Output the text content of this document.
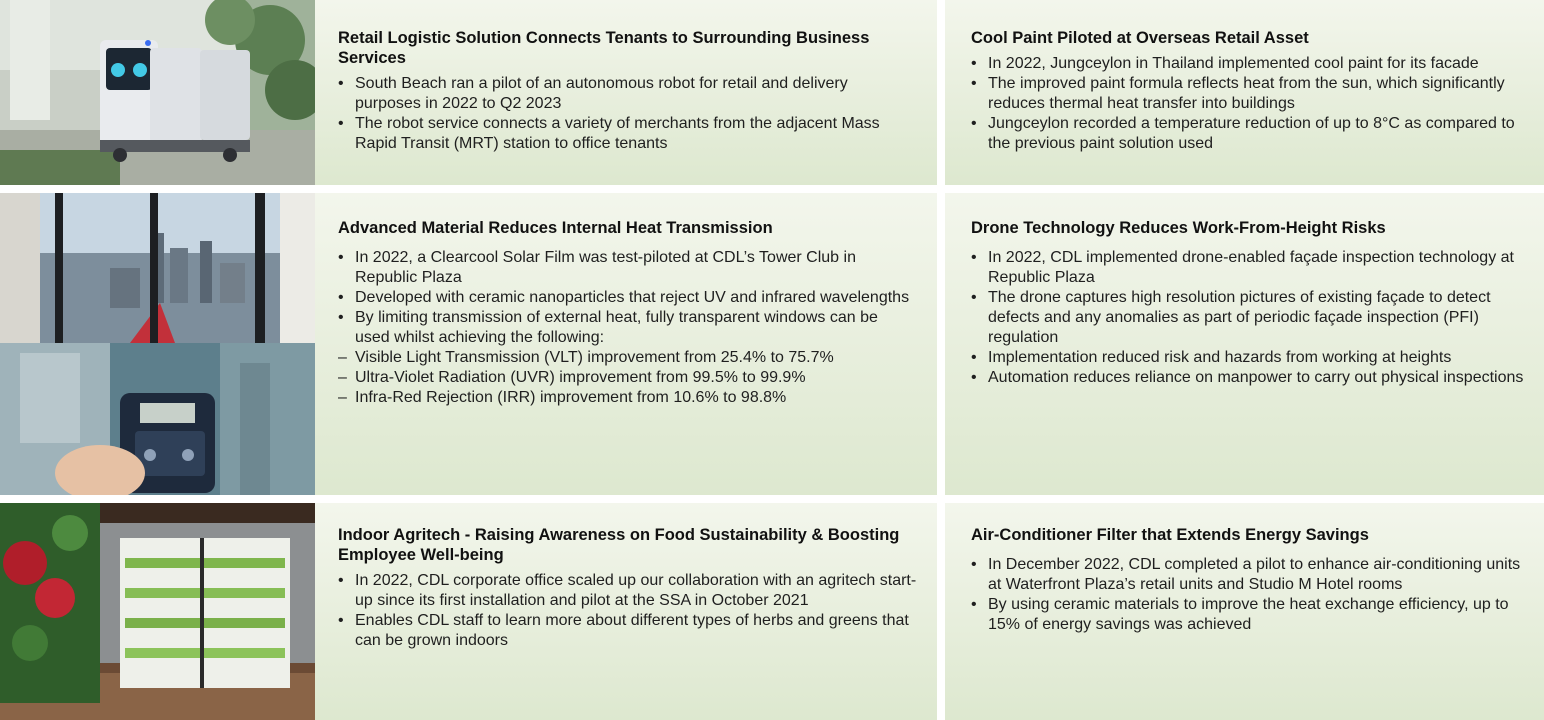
Retail Logistic Solution Connects Tenants to Surrounding Business Services
• South Beach ran a pilot of an autonomous robot for retail and delivery purposes in 2022 to Q2 2023
• The robot service connects a variety of merchants from the adjacent Mass Rapid Transit (MRT) station to office tenants
Cool Paint Piloted at Overseas Retail Asset
• In 2022, Jungceylon in Thailand implemented cool paint for its facade
• The improved paint formula reflects heat from the sun, which significantly reduces thermal heat transfer into buildings
• Jungceylon recorded a temperature reduction of up to 8°C as compared to the previous paint solution used
Advanced Material Reduces Internal Heat Transmission
• In 2022, a Clearcool Solar Film was test-piloted at CDL’s Tower Club in Republic Plaza
• Developed with ceramic nanoparticles that reject UV and infrared wavelengths
• By limiting transmission of external heat, fully transparent windows can be used whilst achieving the following:
– Visible Light Transmission (VLT) improvement from 25.4% to 75.7%
– Ultra-Violet Radiation (UVR) improvement from 99.5% to 99.9%
– Infra-Red Rejection (IRR) improvement from 10.6% to 98.8%
Drone Technology Reduces Work-From-Height Risks
• In 2022, CDL implemented drone-enabled façade inspection technology at Republic Plaza
• The drone captures high resolution pictures of existing façade to detect defects and any anomalies as part of periodic façade inspection (PFI) regulation
• Implementation reduced risk and hazards from working at heights
• Automation reduces reliance on manpower to carry out physical inspections
Indoor Agritech - Raising Awareness on Food Sustainability & Boosting Employee Well-being
• In 2022, CDL corporate office scaled up our collaboration with an agritech start-up since its first installation and pilot at the SSA in October 2021
• Enables CDL staff to learn more about different types of herbs and greens that can be grown indoors
Air-Conditioner Filter that Extends Energy Savings
• In December 2022, CDL completed a pilot to enhance air-conditioning units at Waterfront Plaza’s retail units and Studio M Hotel rooms
• By using ceramic materials to improve the heat exchange efficiency, up to 15% of energy savings was achieved
